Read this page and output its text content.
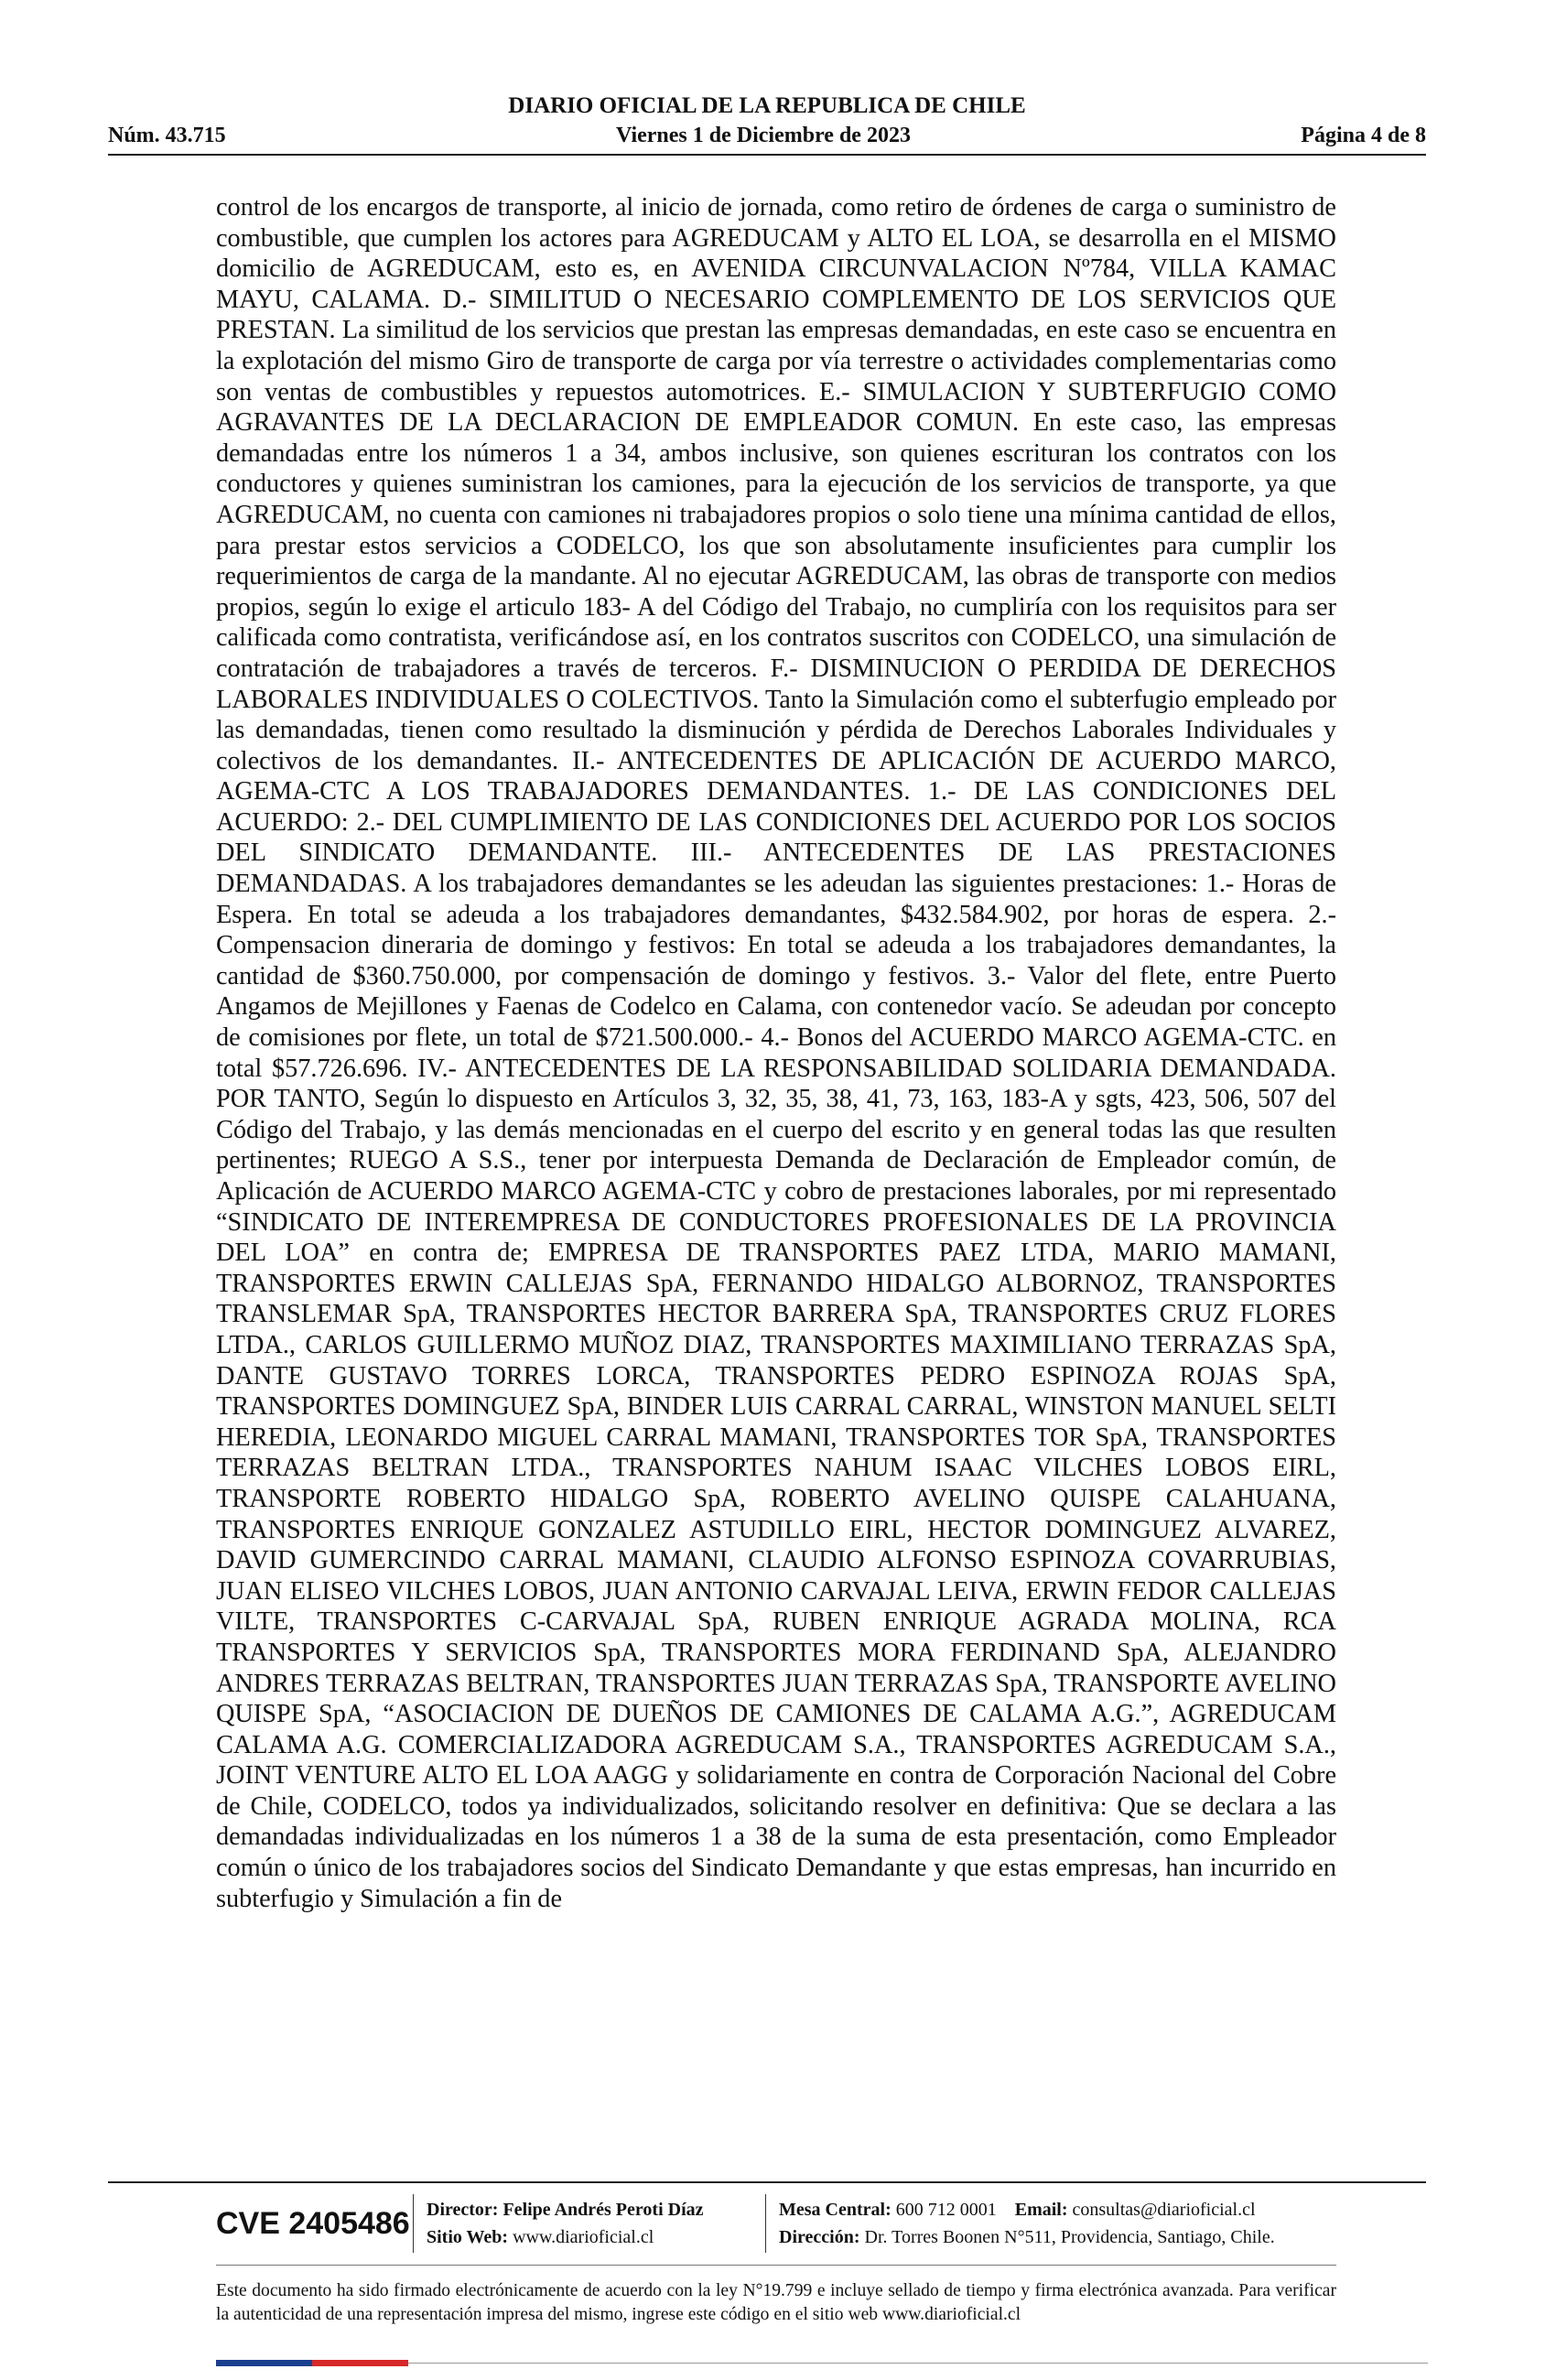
DIARIO OFICIAL DE LA REPUBLICA DE CHILE
Núm. 43.715	Viernes 1 de Diciembre de 2023	Página 4 de 8
control de los encargos de transporte, al inicio de jornada, como retiro de órdenes de carga o suministro de combustible, que cumplen los actores para AGREDUCAM y ALTO EL LOA, se desarrolla en el MISMO domicilio de AGREDUCAM, esto es, en AVENIDA CIRCUNVALACION Nº784, VILLA KAMAC MAYU, CALAMA. D.- SIMILITUD O NECESARIO COMPLEMENTO DE LOS SERVICIOS QUE PRESTAN. La similitud de los servicios que prestan las empresas demandadas, en este caso se encuentra en la explotación del mismo Giro de transporte de carga por vía terrestre o actividades complementarias como son ventas de combustibles y repuestos automotrices. E.- SIMULACION Y SUBTERFUGIO COMO AGRAVANTES DE LA DECLARACION DE EMPLEADOR COMUN. En este caso, las empresas demandadas entre los números 1 a 34, ambos inclusive, son quienes escrituran los contratos con los conductores y quienes suministran los camiones, para la ejecución de los servicios de transporte, ya que AGREDUCAM, no cuenta con camiones ni trabajadores propios o solo tiene una mínima cantidad de ellos, para prestar estos servicios a CODELCO, los que son absolutamente insuficientes para cumplir los requerimientos de carga de la mandante. Al no ejecutar AGREDUCAM, las obras de transporte con medios propios, según lo exige el articulo 183- A del Código del Trabajo, no cumpliría con los requisitos para ser calificada como contratista, verificándose así, en los contratos suscritos con CODELCO, una simulación de contratación de trabajadores a través de terceros. F.- DISMINUCION O PERDIDA DE DERECHOS LABORALES INDIVIDUALES O COLECTIVOS. Tanto la Simulación como el subterfugio empleado por las demandadas, tienen como resultado la disminución y pérdida de Derechos Laborales Individuales y colectivos de los demandantes. II.- ANTECEDENTES DE APLICACIÓN DE ACUERDO MARCO, AGEMA-CTC A LOS TRABAJADORES DEMANDANTES. 1.- DE LAS CONDICIONES DEL ACUERDO: 2.- DEL CUMPLIMIENTO DE LAS CONDICIONES DEL ACUERDO POR LOS SOCIOS DEL SINDICATO DEMANDANTE. III.- ANTECEDENTES DE LAS PRESTACIONES DEMANDADAS. A los trabajadores demandantes se les adeudan las siguientes prestaciones: 1.- Horas de Espera. En total se adeuda a los trabajadores demandantes, $432.584.902, por horas de espera. 2.-Compensacion dineraria de domingo y festivos: En total se adeuda a los trabajadores demandantes, la cantidad de $360.750.000, por compensación de domingo y festivos. 3.- Valor del flete, entre Puerto Angamos de Mejillones y Faenas de Codelco en Calama, con contenedor vacío. Se adeudan por concepto de comisiones por flete, un total de $721.500.000.- 4.- Bonos del ACUERDO MARCO AGEMA-CTC. en total $57.726.696. IV.- ANTECEDENTES DE LA RESPONSABILIDAD SOLIDARIA DEMANDADA. POR TANTO, Según lo dispuesto en Artículos 3, 32, 35, 38, 41, 73, 163, 183-A y sgts, 423, 506, 507 del Código del Trabajo, y las demás mencionadas en el cuerpo del escrito y en general todas las que resulten pertinentes; RUEGO A S.S., tener por interpuesta Demanda de Declaración de Empleador común, de Aplicación de ACUERDO MARCO AGEMA-CTC y cobro de prestaciones laborales, por mi representado “SINDICATO DE INTEREMPRESA DE CONDUCTORES PROFESIONALES DE LA PROVINCIA DEL LOA” en contra de; EMPRESA DE TRANSPORTES PAEZ LTDA, MARIO MAMANI, TRANSPORTES ERWIN CALLEJAS SpA, FERNANDO HIDALGO ALBORNOZ, TRANSPORTES TRANSLEMAR SpA, TRANSPORTES HECTOR BARRERA SpA, TRANSPORTES CRUZ FLORES LTDA., CARLOS GUILLERMO MUÑOZ DIAZ, TRANSPORTES MAXIMILIANO TERRAZAS SpA, DANTE GUSTAVO TORRES LORCA, TRANSPORTES PEDRO ESPINOZA ROJAS SpA, TRANSPORTES DOMINGUEZ SpA, BINDER LUIS CARRAL CARRAL, WINSTON MANUEL SELTI HEREDIA, LEONARDO MIGUEL CARRAL MAMANI, TRANSPORTES TOR SpA, TRANSPORTES TERRAZAS BELTRAN LTDA., TRANSPORTES NAHUM ISAAC VILCHES LOBOS EIRL, TRANSPORTE ROBERTO HIDALGO SpA, ROBERTO AVELINO QUISPE CALAHUANA, TRANSPORTES ENRIQUE GONZALEZ ASTUDILLO EIRL, HECTOR DOMINGUEZ ALVAREZ, DAVID GUMERCINDO CARRAL MAMANI, CLAUDIO ALFONSO ESPINOZA COVARRUBIAS, JUAN ELISEO VILCHES LOBOS, JUAN ANTONIO CARVAJAL LEIVA, ERWIN FEDOR CALLEJAS VILTE, TRANSPORTES C-CARVAJAL SpA, RUBEN ENRIQUE AGRADA MOLINA, RCA TRANSPORTES Y SERVICIOS SpA, TRANSPORTES MORA FERDINAND SpA, ALEJANDRO ANDRES TERRAZAS BELTRAN, TRANSPORTES JUAN TERRAZAS SpA, TRANSPORTE AVELINO QUISPE SpA, “ASOCIACION DE DUEÑOS DE CAMIONES DE CALAMA A.G.”, AGREDUCAM CALAMA A.G. COMERCIALIZADORA AGREDUCAM S.A., TRANSPORTES AGREDUCAM S.A., JOINT VENTURE ALTO EL LOA AAGG y solidariamente en contra de Corporación Nacional del Cobre de Chile, CODELCO, todos ya individualizados, solicitando resolver en definitiva: Que se declara a las demandadas individualizadas en los números 1 a 38 de la suma de esta presentación, como Empleador común o único de los trabajadores socios del Sindicato Demandante y que estas empresas, han incurrido en subterfugio y Simulación a fin de
CVE 2405486 Director: Felipe Andrés Peroti Díaz
Sitio Web: www.diarioficial.cl
Mesa Central: 600 712 0001 Email: consultas@diarioficial.cl
Dirección: Dr. Torres Boonen N°511, Providencia, Santiago, Chile.
Este documento ha sido firmado electrónicamente de acuerdo con la ley N°19.799 e incluye sellado de tiempo y firma electrónica avanzada. Para verificar la autenticidad de una representación impresa del mismo, ingrese este código en el sitio web www.diarioficial.cl
